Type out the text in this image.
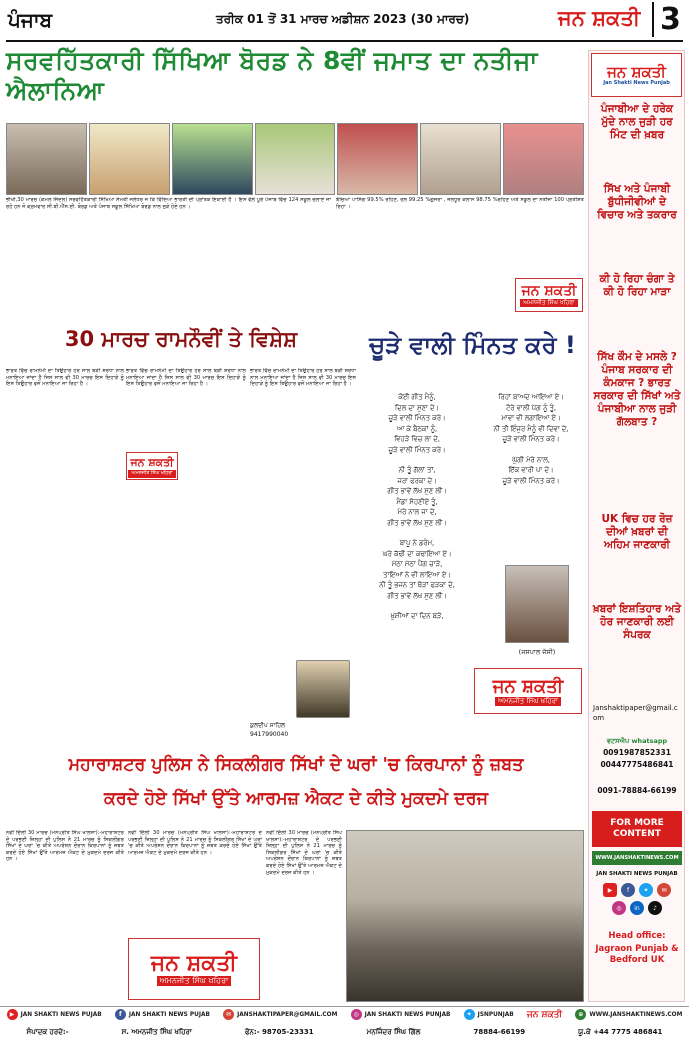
ਪੰਜਾਬ	ਤਰੀਕ 01 ਤੋਂ 31 ਮਾਰਚ ਅਡੀਸ਼ਨ 2023 (30 ਮਾਰਚ)	ਜਨ ਸ਼ਕਤੀ 3
ਸਰਵਹਿੱਤਕਾਰੀ ਸਿੱਖਿਆ ਬੋਰਡ ਨੇ 8ਵੀਂ ਜਮਾਤ ਦਾ ਨਤੀਜਾ ਐਲਾਨਿਆ
ਭੀਖੀ,30 ਮਾਰਚ (ਕਮਲ ਜਿੰਦਲ) ਸਰਵਹਿੱਤਕਾਰੀ ਸਿੱਖਿਆ ਸੰਮਤੀ ਜਲੰਧਰ ਜੋ ਕਿ ਵਿੱਦਿਆ ਭਾਰਤੀ ਦੀ ਪ੍ਰਾਂਤਕ ਇਕਾਈ ਹੈ । ਇਸ ਵੱਲੋਂ ਪੂਰੇ ਪੰਜਾਬ ਵਿੱਚ 124 ਸਕੂਲ ਚਲਾਏ ਜਾ ਰਹੇ ਹਨ ਜੋ ਕ੍ਰਮਵਾਰ ਸੀ.ਬੀ.ਐੱਸ.ਈ. ਬੋਰਡ ਅਤੇ ਪੰਜਾਬ ਸਕੂਲ ਸਿੱਖਿਆ ਬੋਰਡ ਨਾਲ ਜੁੜੇ ਹੋਏ ਹਨ ।
ਬੱਚਿਆਂ ਪਾਸਿੰਗ 99.5% ਰਹਿਣ, ਰੋਲ 99.25 %ਗੁਜਰਾ , ਜਲਧੂਰ ਕਲਾਸ 98.75 %ਰਹਿਣ ਅਤੇ ਸਕੂਲ ਦਾ ਨਤੀਜਾ 100 ਪ੍ਰਤੀਸ਼ਤ ਰਿਹਾ ।
ਜਨ ਸ਼ਕਤੀ
ਅਮਨਜੀਤ ਸਿੰਘ ਖਹਿਰਾ
30 ਮਾਰਚ ਰਾਮਨੌਵੀਂ ਤੇ ਵਿਸ਼ੇਸ਼	ਚੂੜੇ ਵਾਲੀ ਮਿੰਨਤ ਕਰੇ !
ਭਾਰਤ ਵਿੱਚ ਰਾਮਨੌਮੀ ਦਾ ਤਿਉਹਾਰ ਹਰ ਸਾਲ ਬੜੀ ਸ਼ਰਧਾ ਨਾਲ ਮਨਾਇਆ ਜਾਂਦਾ ਹੈ ਜਿਸ ਸਾਲ ਵੀ 30 ਮਾਰਚ ਇਸ ਦਿਹਾੜੇ ਨੂੰ ਇਸ ਤਿਉਹਾਰ ਵਜੋਂ ਮਨਾਇਆ ਜਾ ਰਿਹਾ ਹੈ ।
ਜਨ ਸ਼ਕਤੀ
ਅਮਨਜੀਤ ਸਿੰਘ ਖਹਿਰਾ
ਭਾਰਤ ਵਿੱਚ ਰਾਮਨੌਮੀ ਦਾ ਤਿਉਹਾਰ ਹਰ ਸਾਲ ਬੜੀ ਸ਼ਰਧਾ ਨਾਲ ਮਨਾਇਆ ਜਾਂਦਾ ਹੈ ਜਿਸ ਸਾਲ ਵੀ 30 ਮਾਰਚ ਇਸ ਦਿਹਾੜੇ ਨੂੰ ਇਸ ਤਿਉਹਾਰ ਵਜੋਂ ਮਨਾਇਆ ਜਾ ਰਿਹਾ ਹੈ ।
ਭਾਰਤ ਵਿੱਚ ਰਾਮਨੌਮੀ ਦਾ ਤਿਉਹਾਰ ਹਰ ਸਾਲ ਬੜੀ ਸ਼ਰਧਾ ਨਾਲ ਮਨਾਇਆ ਜਾਂਦਾ ਹੈ ਜਿਸ ਸਾਲ ਵੀ 30 ਮਾਰਚ ਇਸ ਦਿਹਾੜੇ ਨੂੰ ਇਸ ਤਿਉਹਾਰ ਵਜੋਂ ਮਨਾਇਆ ਜਾ ਰਿਹਾ ਹੈ ।
ਕੁਲਦੀਪ ਸਾਹਿਲ
9417990040
ਕੋਈ ਗੀਤ ਮੈਨੂੰ,
ਦਿਲ ਦਾ ਸੁਣਾ ਦੇ।
ਚੂੜੇ ਵਾਲੀ ਮਿੰਨਤ ਕਰੇ।
ਆ ਕੇ ਬੈਠਕਾਂ ਨੂੰ,
ਵਿਹੜੇ ਵਿਚ ਲਾ ਦੇ,
ਚੂੜੇ ਵਾਲੀ ਮਿੰਨਤ ਕਰੇ।
ਨੀ ਤੂੰ ਗੱਲਾਂ ਤਾਂ,
ਜਰਾ ਫਰਕਾ ਦੇ।
ਗੀਤ ਭਾਵੇਂ ਲੱਖ ਸੁਣ ਲੀਂ।
ਮੈਂਡਾ ਸੋਹਣੀਏ ਤੂੰ,
ਮੇਰੇ ਨਾਲ ਜਾ ਦੇ,
ਗੀਤ ਭਾਵੇਂ ਲੱਖ ਸੁਣ ਲੀਂ।
ਬਾਪੂ ਨੇ ਡਰੰਮ,
ਘਰੇ ਕੱਢੀ ਦਾ ਕਢਾਇਆ ਏ।
ਮੱਠਾ ਮੱਠਾ ਪੈਂਗ ਚਾੜੇ,
ਤਾਇਆਂ ਨੇ ਵੀ ਲਾਇਆ ਏ।
ਨੀ ਤੂੰ ਭਜਨ ਤਾਂ ਥੋੜਾਂ ਫੜਕਾ ਦੇ,
ਗੀਤ ਭਾਵੇਂ ਲੱਖ ਸੁਣ ਲੀਂ।
ਖ਼ੁਸ਼ੀਆਂ ਦਾ ਦਿਨ ਬੜੇ,
ਰਿਹਾਂ ਬਾਅਦ ਆਇਆ ਏ।
ਟੋਰੇ ਵਾਲੀ ਪੱਗ ਨੂੰ ਤੂੰ,
ਮਾਵਾ ਵੀ ਲਗਾਇਆ ਏ।
ਨੀ ਤੀ ਇੰਜੁਰ ਮੈਨੂੰ ਵੀ ਦਿਵਾ ਦੇ,
ਚੂੜੇ ਵਾਲੀ ਮਿੰਨਤ ਕਰੇ।
ਘੁੱਗੀ ਮੇਰੇ ਨਾਲ,
ਇੱਕ ਵਾਰੀ ਪਾ ਦੇ।
ਚੂੜੇ ਵਾਲੀ ਮਿੰਨਤ ਕਰੇ।
(ਜਸਪਾਲ ਜੱਸੀ)
ਜਨ ਸ਼ਕਤੀ
ਅਮਨਜੀਤ ਸਿੰਘ ਖਹਿਰਾ
ਮਹਾਰਾਸ਼ਟਰ ਪੁਲਿਸ ਨੇ ਸਿਕਲੀਗਰ ਸਿੱਖਾਂ ਦੇ ਘਰਾਂ 'ਚ ਕਿਰਪਾਨਾਂ ਨੂੰ ਜ਼ਬਤ
ਕਰਦੇ ਹੋਏ ਸਿੱਖਾਂ ਉੱਤੇ ਆਰਮਜ਼ ਐਕਟ ਦੇ ਕੀਤੇ ਮੁਕਦਮੇ ਦਰਜ
ਨਵੀਂ ਦਿੱਲੀ 30 ਮਾਰਚ (ਮਨਪ੍ਰੀਤ ਸਿੰਘ ਖਾਲਸਾ):-ਮਹਾਰਾਸ਼ਟਰ ਦੇ ਪਰਭਣੀ ਜ਼ਿਲ੍ਹਾ ਦੀ ਪੁਲਿਸ ਨੇ 21 ਮਾਰਚ ਨੂੰ ਸਿਕਲੀਗਰ ਸਿੱਖਾਂ ਦੇ ਘਰਾਂ 'ਚ ਕੀਤੇ ਅਪਰੇਸ਼ਨ ਦੌਰਾਨ ਕਿਰਪਾਨਾਂ ਨੂੰ ਜ਼ਬਤ ਕਰਦੇ ਹੋਏ ਸਿੱਖਾਂ ਉੱਤੇ ਆਰਮਜ਼ ਐਕਟ ਦੇ ਮੁਕਦਮੇ ਦਰਜ ਕੀਤੇ ਹਨ ।
ਨਵੀਂ ਦਿੱਲੀ 30 ਮਾਰਚ (ਮਨਪ੍ਰੀਤ ਸਿੰਘ ਖਾਲਸਾ):-ਮਹਾਰਾਸ਼ਟਰ ਦੇ ਪਰਭਣੀ ਜ਼ਿਲ੍ਹਾ ਦੀ ਪੁਲਿਸ ਨੇ 21 ਮਾਰਚ ਨੂੰ ਸਿਕਲੀਗਰ ਸਿੱਖਾਂ ਦੇ ਘਰਾਂ 'ਚ ਕੀਤੇ ਅਪਰੇਸ਼ਨ ਦੌਰਾਨ ਕਿਰਪਾਨਾਂ ਨੂੰ ਜ਼ਬਤ ਕਰਦੇ ਹੋਏ ਸਿੱਖਾਂ ਉੱਤੇ ਆਰਮਜ਼ ਐਕਟ ਦੇ ਮੁਕਦਮੇ ਦਰਜ ਕੀਤੇ ਹਨ ।
ਜਨ ਸ਼ਕਤੀ
ਅਮਨਜੀਤ ਸਿੰਘ ਖਹਿਰਾ
ਨਵੀਂ ਦਿੱਲੀ 30 ਮਾਰਚ (ਮਨਪ੍ਰੀਤ ਸਿੰਘ ਖਾਲਸਾ):-ਮਹਾਰਾਸ਼ਟਰ ਦੇ ਪਰਭਣੀ ਜ਼ਿਲ੍ਹਾ ਦੀ ਪੁਲਿਸ ਨੇ 21 ਮਾਰਚ ਨੂੰ ਸਿਕਲੀਗਰ ਸਿੱਖਾਂ ਦੇ ਘਰਾਂ 'ਚ ਕੀਤੇ ਅਪਰੇਸ਼ਨ ਦੌਰਾਨ ਕਿਰਪਾਨਾਂ ਨੂੰ ਜ਼ਬਤ ਕਰਦੇ ਹੋਏ ਸਿੱਖਾਂ ਉੱਤੇ ਆਰਮਜ਼ ਐਕਟ ਦੇ ਮੁਕਦਮੇ ਦਰਜ ਕੀਤੇ ਹਨ ।
ਜਨ ਸ਼ਕਤੀ
Jan Shakti News Punjab
ਪੰਜਾਬੀਆ ਦੇ ਹਰੇਕ ਮੁੱਦੇ ਨਾਲ ਜੁੜੀ ਹਰ ਮਿੰਟ ਦੀ ਖ਼ਬਰ
ਸਿੱਖ ਅਤੇ ਪੰਜਾਬੀ ਬੁੱਧੀਜੀਵੀਆਂ ਦੇ ਵਿਚਾਰ ਅਤੇ ਤਕਰਾਰ
ਕੀ ਹੋ ਰਿਹਾ ਚੰਗਾ ਤੇ ਕੀ ਹੋ ਰਿਹਾ ਮਾੜਾ
ਸਿੱਖ ਕੌਮ ਦੇ ਮਸਲੇ ? ਪੰਜਾਬ ਸਰਕਾਰ ਦੀ ਕੰਮਕਾਜ ? ਭਾਰਤ ਸਰਕਾਰ ਦੀ ਸਿੱਖਾਂ ਅਤੇ ਪੰਜਾਬੀਆ ਨਾਲ ਜੁੜੀ ਗੱਲਬਾਤ ?
UK ਵਿਚ ਹਰ ਰੋਜ਼ ਦੀਆਂ ਖ਼ਬਰਾਂ ਦੀ ਅਹਿਮ ਜਾਣਕਾਰੀ
ਖ਼ਬਰਾਂ ਇਸ਼ਤਿਹਾਰ ਅਤੇ ਹੋਰ ਜਾਣਕਾਰੀ ਲਈ ਸੰਪਰਕ
Janshaktipaper@gmail.com
ਵਟਸਐਪ whatsapp
0091987852331
00447775486841
0091-78884-66199
FOR MORE CONTENT
WWW.JANSHAKTINEWS.COM
JAN SHAKTI NEWS PUNJAB
▶	f	✦	✉
◎	in	♪
Head office:
Jagraon Punjab & Bedford UK
▶	JAN SHAKTI NEWS PUJAB	f	JAN SHAKTI NEWS PUJAB	✉	JANSHAKTIPAPER@GMAIL.COM	◎	JAN SHAKTI NEWS PUNJAB	✦	JSNPUNJAB ਜਨ ਸ਼ਕਤੀ	⊕	WWW.JANSHAKTINEWS.COM
ਸੰਪਾਦਕ ਹਰਦੇ:-	ਸ. ਅਮਨਜੀਤ ਸਿੰਘ ਖਹਿਰਾ	ਫੋਨ:- 98705-23331	ਮਨਜਿੰਦਰ ਸਿੰਘ ਗਿੱਲ	78884-66199	ਯੂ.ਕੇ +44 7775 486841
